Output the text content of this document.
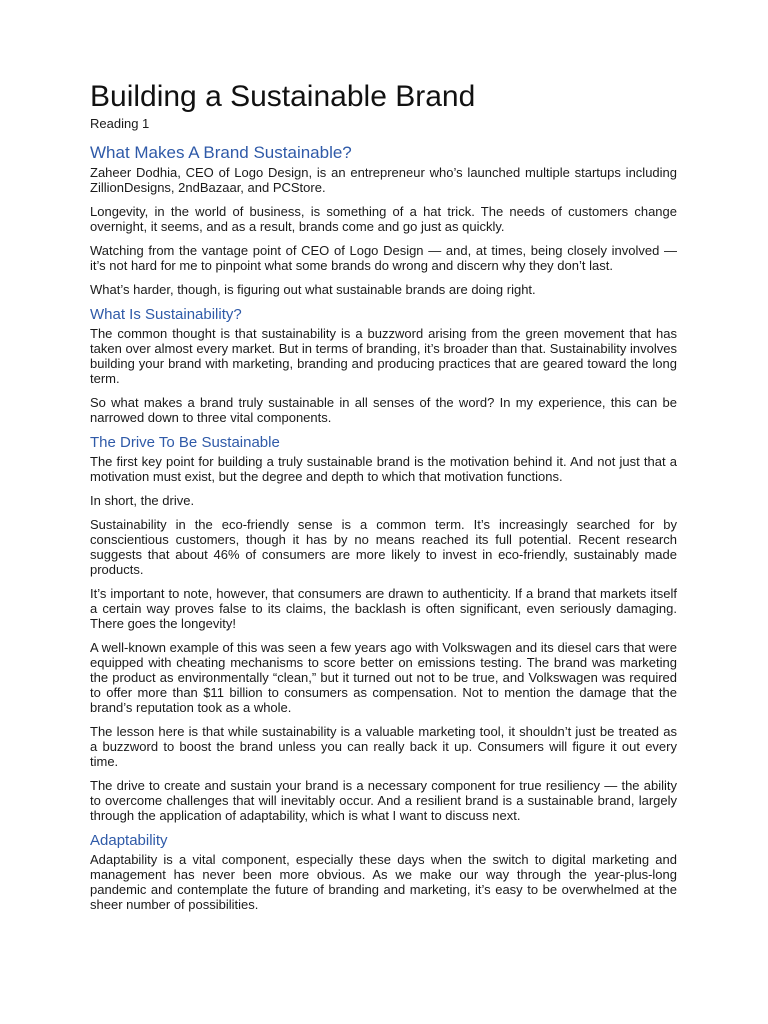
Building a Sustainable Brand
Reading 1
What Makes A Brand Sustainable?

Zaheer Dodhia, CEO of Logo Design, is an entrepreneur who’s launched multiple startups including ZillionDesigns, 2ndBazaar, and PCStore.

Longevity, in the world of business, is something of a hat trick. The needs of customers change overnight, it seems, and as a result, brands come and go just as quickly.

Watching from the vantage point of CEO of Logo Design — and, at times, being closely involved — it’s not hard for me to pinpoint what some brands do wrong and discern why they don’t last.

What’s harder, though, is figuring out what sustainable brands are doing right.

What Is Sustainability?

The common thought is that sustainability is a buzzword arising from the green movement that has taken over almost every market. But in terms of branding, it’s broader than that. Sustainability involves building your brand with marketing, branding and producing practices that are geared toward the long term.

So what makes a brand truly sustainable in all senses of the word? In my experience, this can be narrowed down to three vital components.

The Drive To Be Sustainable

The first key point for building a truly sustainable brand is the motivation behind it. And not just that a motivation must exist, but the degree and depth to which that motivation functions.

In short, the drive.

Sustainability in the eco-friendly sense is a common term. It’s increasingly searched for by conscientious customers, though it has by no means reached its full potential. Recent research suggests that about 46% of consumers are more likely to invest in eco-friendly, sustainably made products.

It’s important to note, however, that consumers are drawn to authenticity. If a brand that markets itself a certain way proves false to its claims, the backlash is often significant, even seriously damaging. There goes the longevity!

A well-known example of this was seen a few years ago with Volkswagen and its diesel cars that were equipped with cheating mechanisms to score better on emissions testing. The brand was marketing the product as environmentally “clean,” but it turned out not to be true, and Volkswagen was required to offer more than $11 billion to consumers as compensation. Not to mention the damage that the brand’s reputation took as a whole.

The lesson here is that while sustainability is a valuable marketing tool, it shouldn’t just be treated as a buzzword to boost the brand unless you can really back it up. Consumers will figure it out every time.

The drive to create and sustain your brand is a necessary component for true resiliency — the ability to overcome challenges that will inevitably occur. And a resilient brand is a sustainable brand, largely through the application of adaptability, which is what I want to discuss next.

Adaptability

Adaptability is a vital component, especially these days when the switch to digital marketing and management has never been more obvious. As we make our way through the year-plus-long pandemic and contemplate the future of branding and marketing, it’s easy to be overwhelmed at the sheer number of possibilities.
